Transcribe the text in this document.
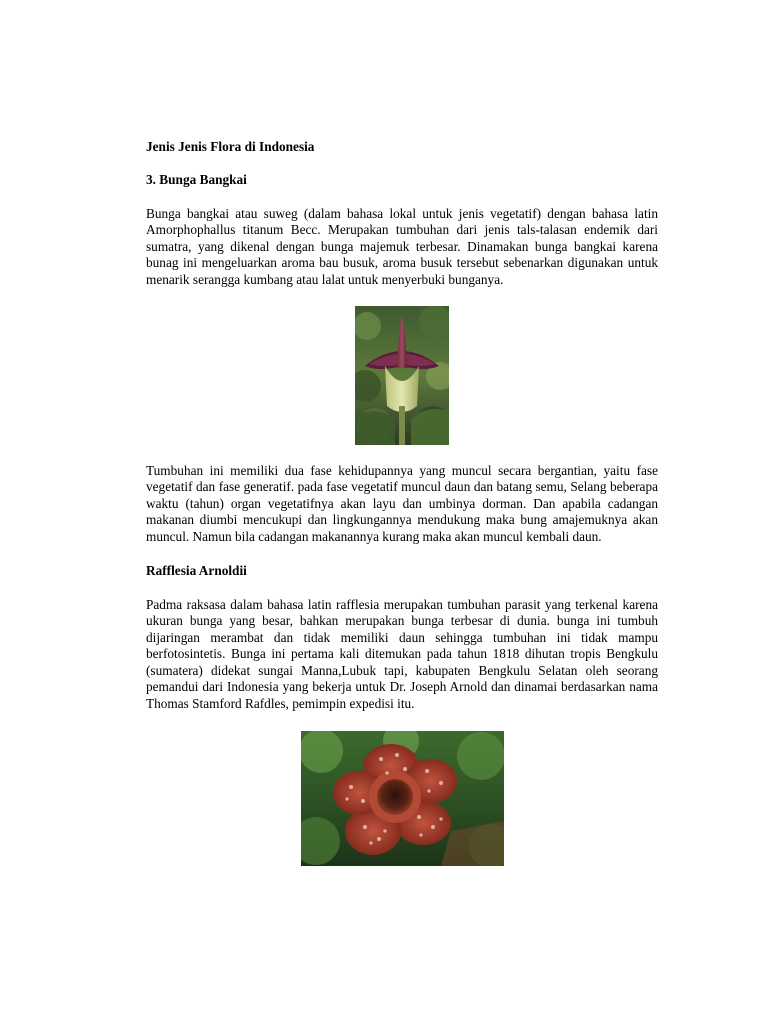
Jenis Jenis Flora di Indonesia

3. Bunga Bangkai

Bunga bangkai atau suweg (dalam bahasa lokal untuk jenis vegetatif) dengan bahasa latin Amorphophallus titanum Becc. Merupakan tumbuhan dari jenis tals-talasan endemik dari sumatra, yang dikenal dengan bunga majemuk terbesar. Dinamakan bunga bangkai karena bunag ini mengeluarkan aroma bau busuk, aroma busuk tersebut sebenarkan digunakan untuk menarik serangga kumbang atau lalat untuk menyerbuki bunganya.

Tumbuhan ini memiliki dua fase kehidupannya yang muncul secara bergantian, yaitu fase vegetatif dan fase generatif. pada fase vegetatif muncul daun dan batang semu, Selang beberapa waktu (tahun) organ vegetatifnya akan layu dan umbinya dorman. Dan apabila cadangan makanan diumbi mencukupi dan lingkungannya mendukung maka bung amajemuknya akan muncul. Namun bila cadangan makanannya kurang maka akan muncul kembali daun.

Rafflesia Arnoldii

Padma raksasa dalam bahasa latin rafflesia merupakan tumbuhan parasit yang terkenal karena ukuran bunga yang besar, bahkan merupakan bunga terbesar di dunia. bunga ini tumbuh dijaringan merambat dan tidak memiliki daun sehingga tumbuhan ini tidak mampu berfotosintetis. Bunga ini pertama kali ditemukan pada tahun 1818 dihutan tropis Bengkulu (sumatera) didekat sungai Manna,Lubuk tapi, kabupaten Bengkulu Selatan oleh seorang pemandui dari Indonesia yang bekerja untuk Dr. Joseph Arnold dan dinamai berdasarkan nama Thomas Stamford Rafdles, pemimpin expedisi itu.
